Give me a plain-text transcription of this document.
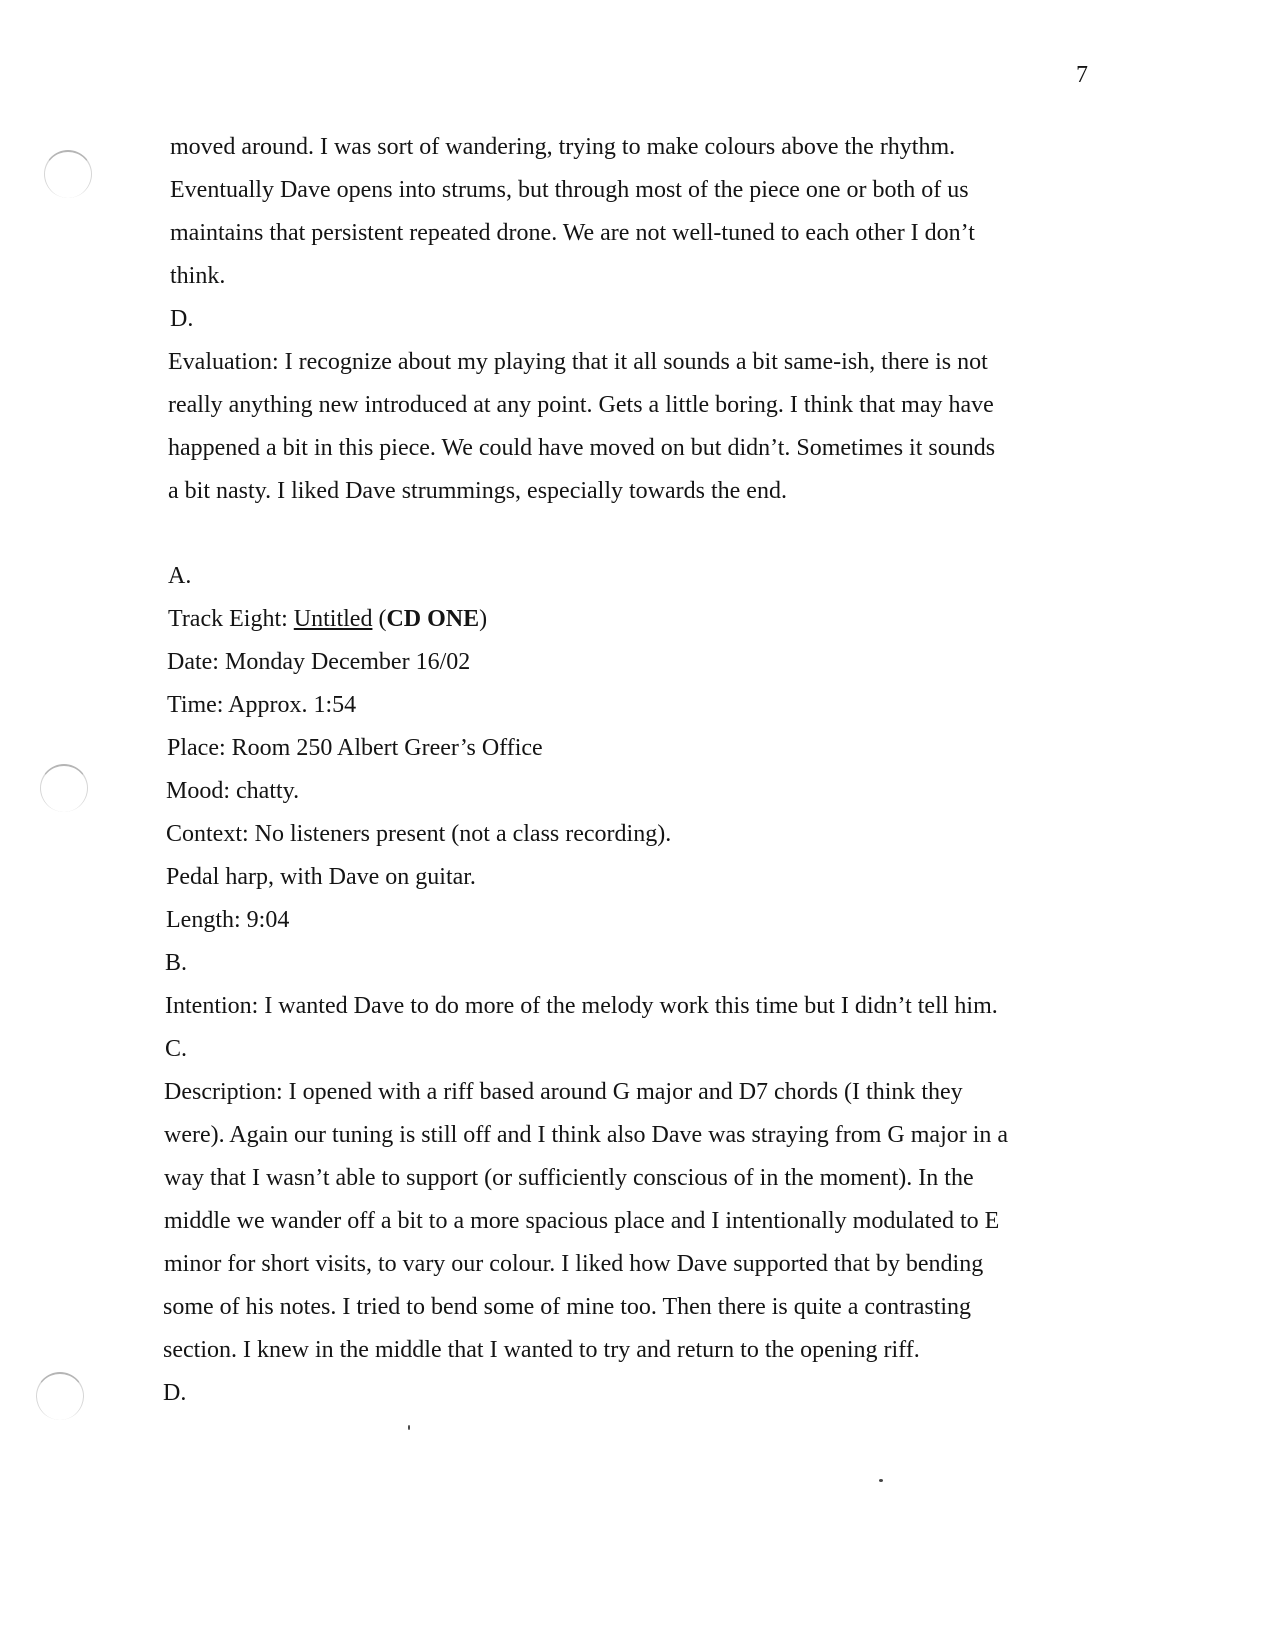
7
moved around. I was sort of wandering, trying to make colours above the rhythm.
Eventually Dave opens into strums, but through most of the piece one or both of us
maintains that persistent repeated drone. We are not well-tuned to each other I don’t
think.
D.
Evaluation: I recognize about my playing that it all sounds a bit same-ish, there is not
really anything new introduced at any point. Gets a little boring. I think that may have
happened a bit in this piece. We could have moved on but didn’t. Sometimes it sounds
a bit nasty. I liked Dave strummings, especially towards the end.
A.
Track Eight: Untitled (CD ONE)
Date: Monday December 16/02
Time: Approx. 1:54
Place: Room 250 Albert Greer’s Office
Mood: chatty.
Context: No listeners present (not a class recording).
Pedal harp, with Dave on guitar.
Length: 9:04
B.
Intention: I wanted Dave to do more of the melody work this time but I didn’t tell him.
C.
Description: I opened with a riff based around G major and D7 chords (I think they
were). Again our tuning is still off and I think also Dave was straying from G major in a
way that I wasn’t able to support (or sufficiently conscious of in the moment). In the
middle we wander off a bit to a more spacious place and I intentionally modulated to E
minor for short visits, to vary our colour. I liked how Dave supported that by bending
some of his notes. I tried to bend some of mine too. Then there is quite a contrasting
section. I knew in the middle that I wanted to try and return to the opening riff.
D.
